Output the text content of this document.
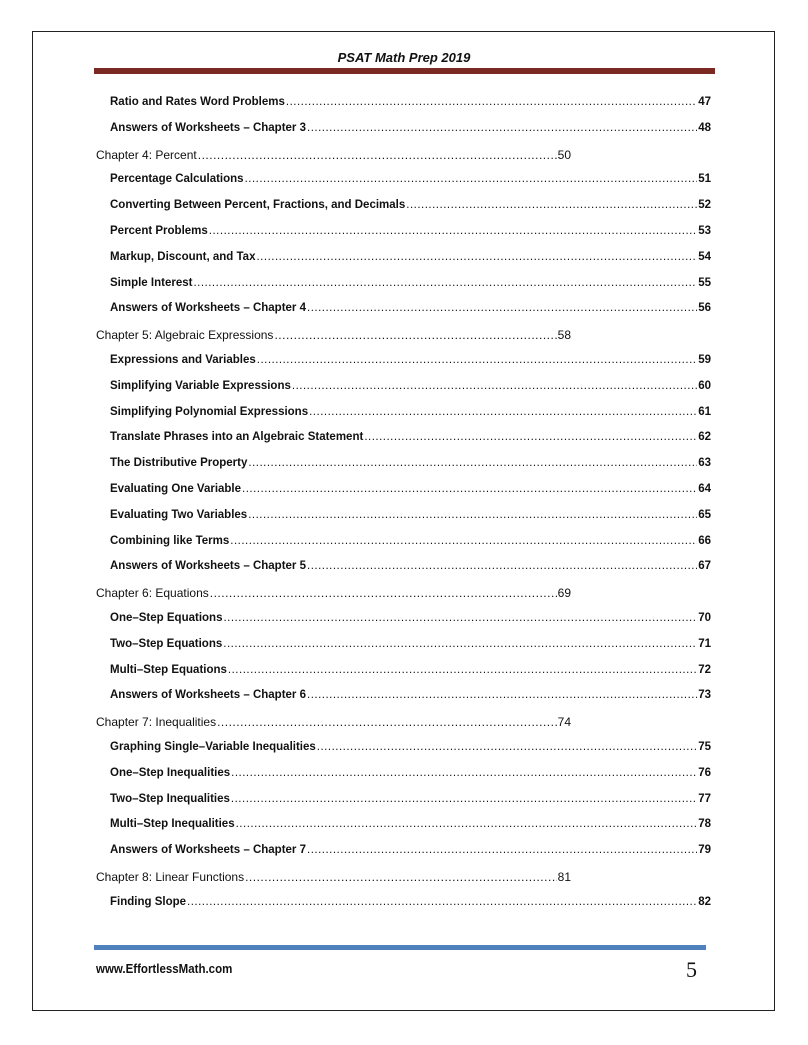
PSAT Math Prep 2019
Ratio and Rates Word Problems .....	47
Answers of Worksheets – Chapter 3 .....	48
Chapter 4: Percent .....	50
Percentage Calculations .....	51
Converting Between Percent, Fractions, and Decimals .....	52
Percent Problems .....	53
Markup, Discount, and Tax .....	54
Simple Interest .....	55
Answers of Worksheets – Chapter 4 .....	56
Chapter 5: Algebraic Expressions .....	58
Expressions and Variables .....	59
Simplifying Variable Expressions .....	60
Simplifying Polynomial Expressions .....	61
Translate Phrases into an Algebraic Statement .....	62
The Distributive Property .....	63
Evaluating One Variable .....	64
Evaluating Two Variables .....	65
Combining like Terms .....	66
Answers of Worksheets – Chapter 5 .....	67
Chapter 6: Equations .....	69
One–Step Equations .....	70
Two–Step Equations .....	71
Multi–Step Equations .....	72
Answers of Worksheets – Chapter 6 .....	73
Chapter 7: Inequalities .....	74
Graphing Single–Variable Inequalities .....	75
One–Step Inequalities .....	76
Two–Step Inequalities .....	77
Multi–Step Inequalities .....	78
Answers of Worksheets – Chapter 7 .....	79
Chapter 8: Linear Functions .....	81
Finding Slope .....	82
www.EffortlessMath.com	5
